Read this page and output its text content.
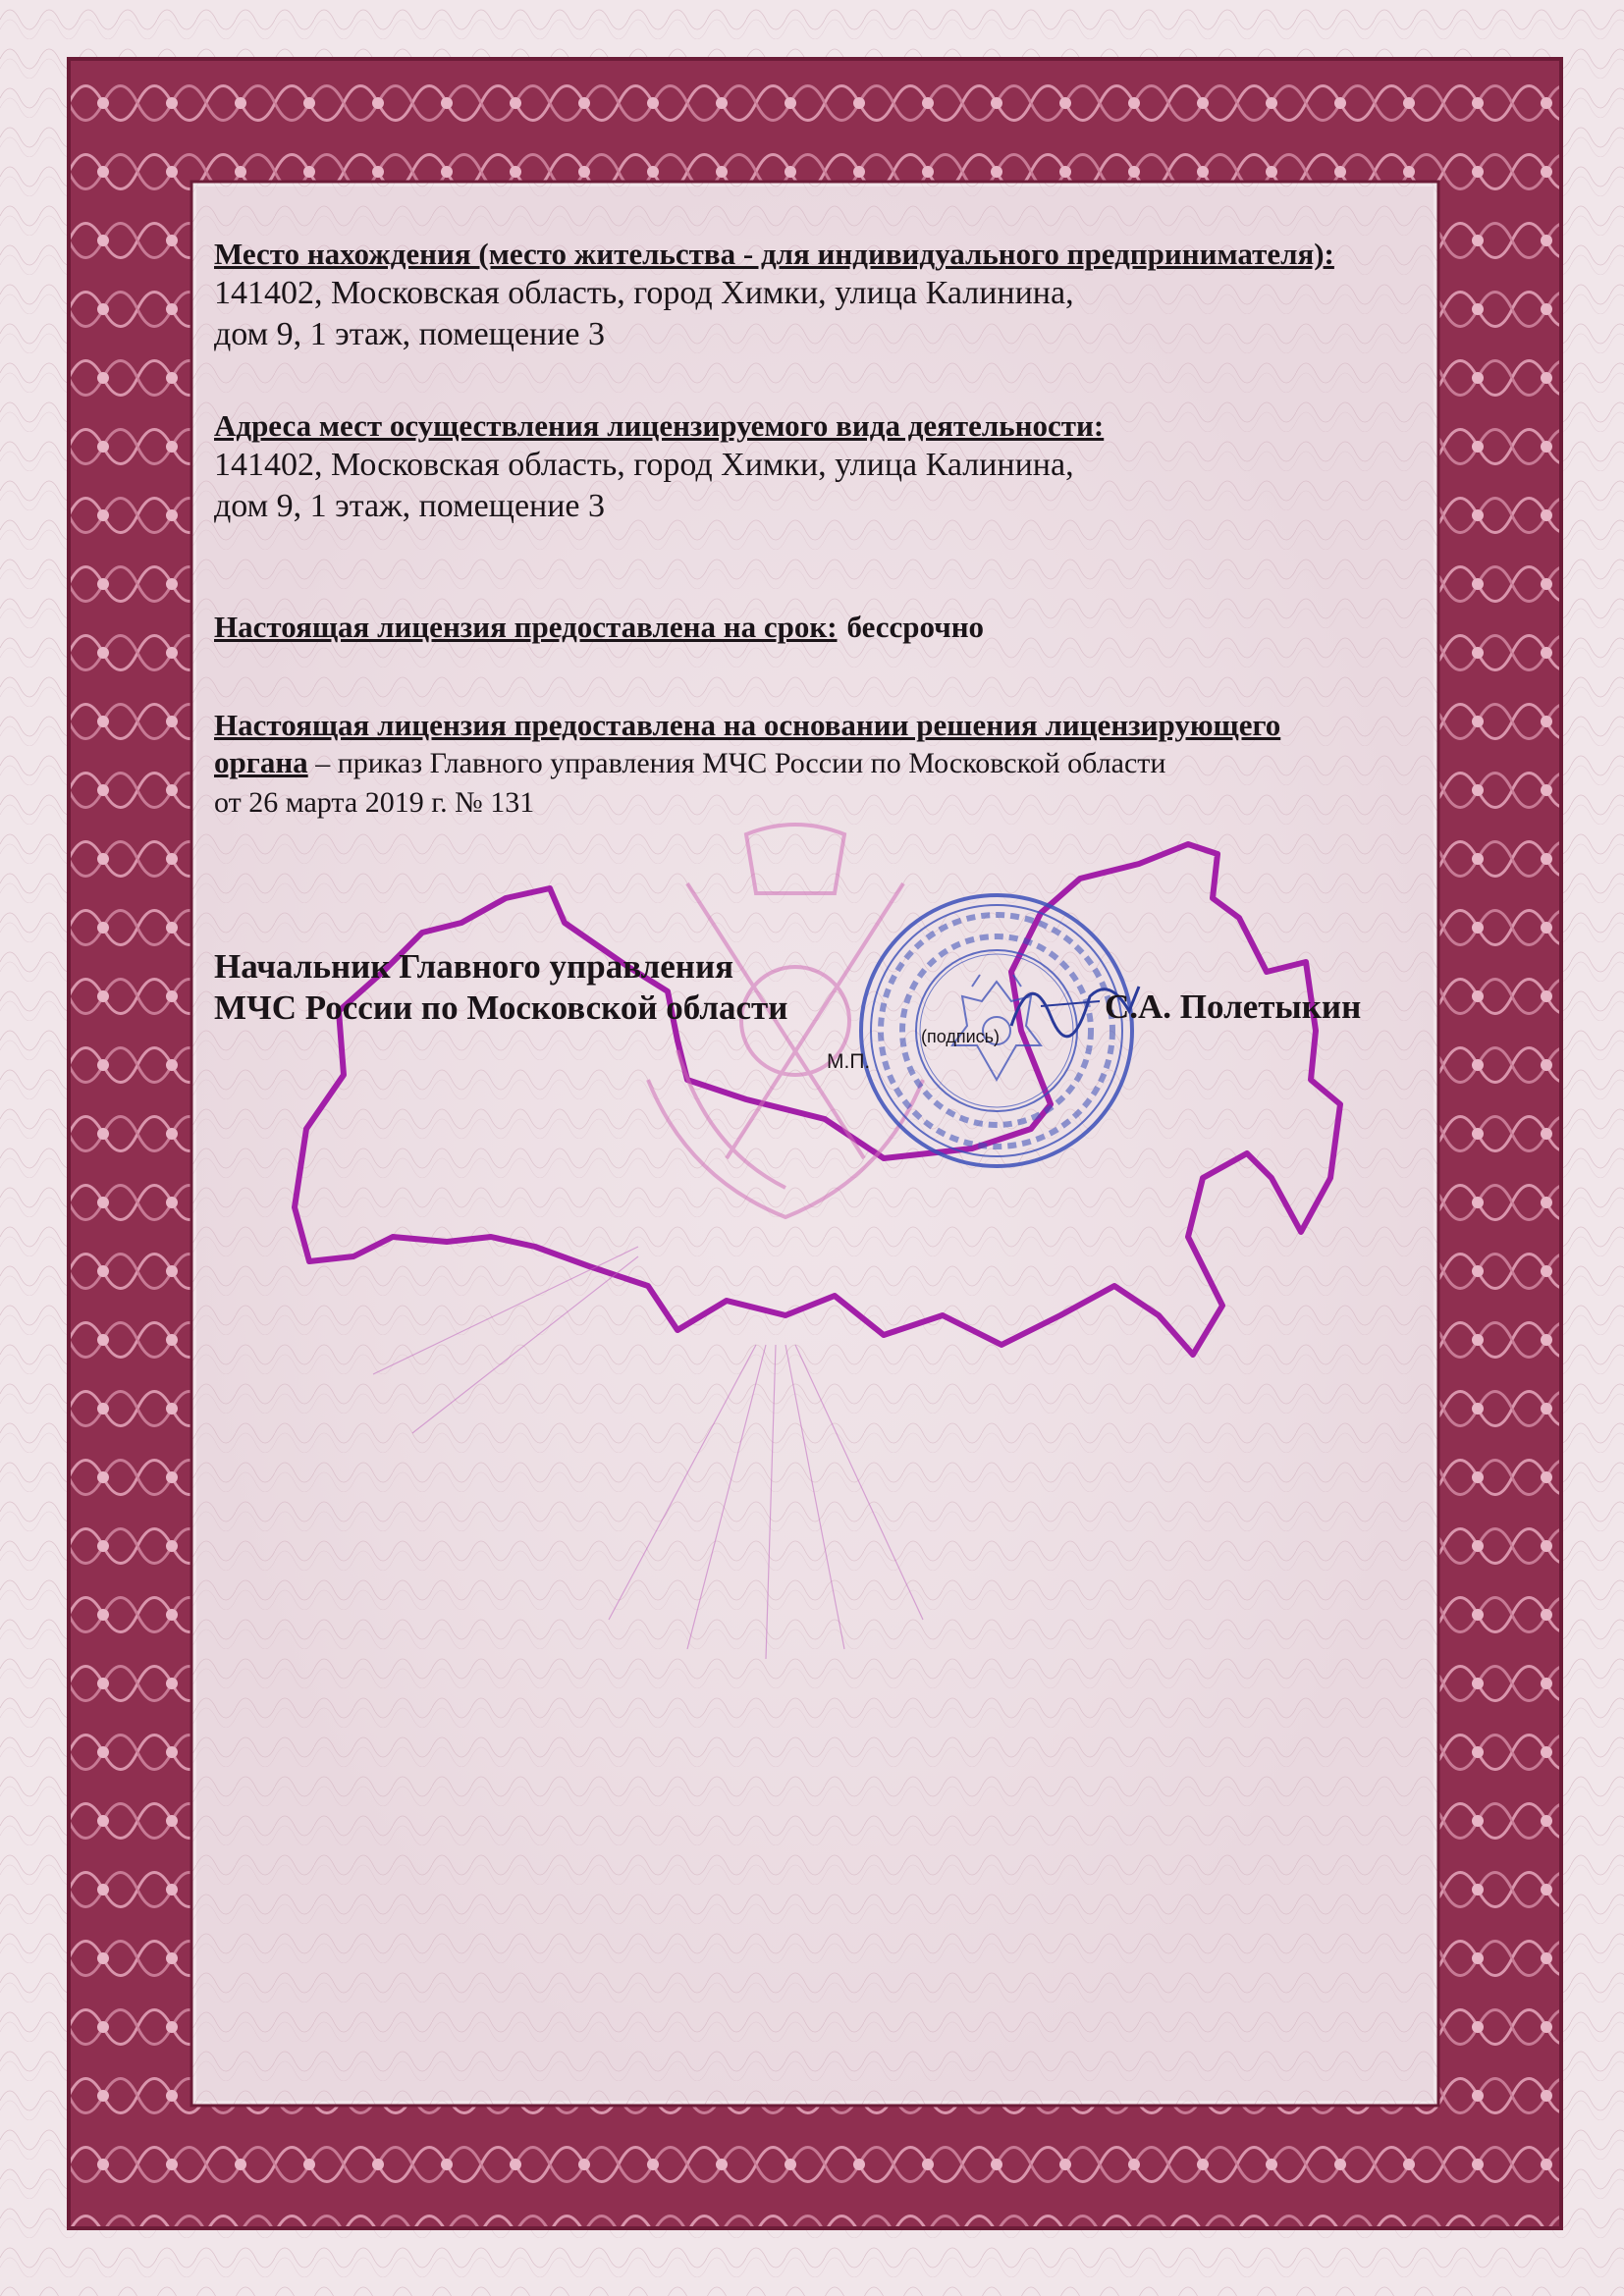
Место нахождения (место жительства - для индивидуального предпринимателя):
141402, Московская область, город Химки, улица Калинина,
дом 9, 1 этаж, помещение 3
Адреса мест осуществления лицензируемого вида деятельности:
141402, Московская область, город Химки, улица Калинина,
дом 9, 1 этаж, помещение 3
Настоящая лицензия предоставлена на срок: бессрочно
Настоящая лицензия предоставлена на основании решения лицензирующего
органа – приказ Главного управления МЧС России по Московской области
от 26 марта 2019 г. № 131
Начальник Главного управления
МЧС России по Московской области
М.П.
(подпись)
С.А. Полетыкин
